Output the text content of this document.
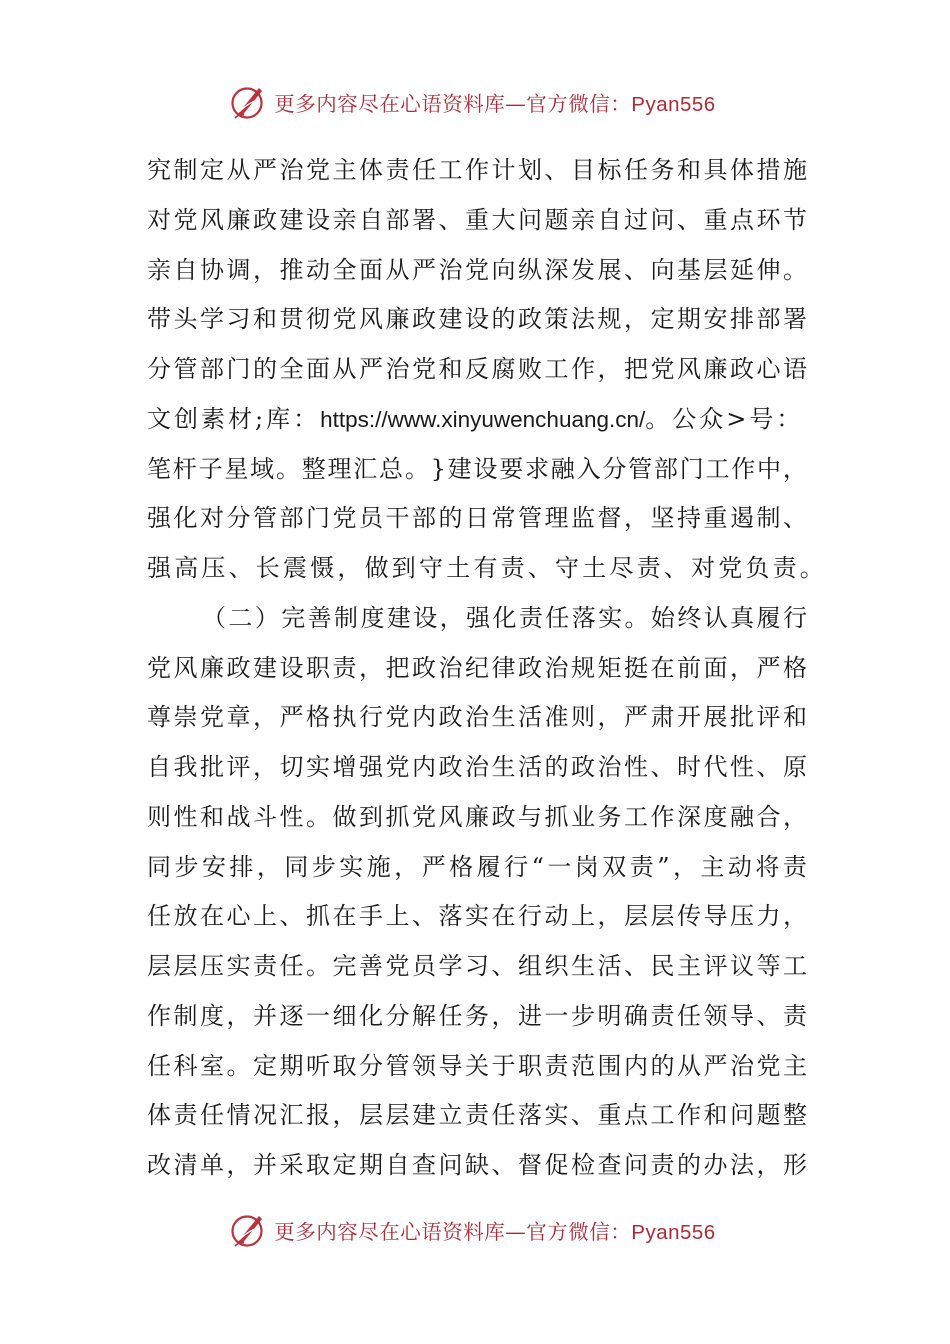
更多内容尽在心语资料库—官方微信：Pyan556
究 制 定 从 严 治 党 主 体 责 任 工 作 计 划 、 目 标 任 务 和 具 体 措 施
对 党 风 廉 政 建 设 亲 自 部 署 、 重 大 问 题 亲 自 过 问 、 重 点 环 节
亲 自 协 调 ， 推 动 全 面 从 严 治 党 向 纵 深 发 展 、 向 基 层 延 伸 。
带 头 学 习 和 贯 彻 党 风 廉 政 建 设 的 政 策 法 规 ， 定 期 安 排 部 署
分 管 部 门 的 全 面 从 严 治 党 和 反 腐 败 工 作 ， 把 党 风 廉 政 心 语
文创素材;库： https://www.xinyuwenchuang.cn/ 。公众>号：
笔 杆 子 星 域 。 整 理 汇 总 。 } 建 设 要 求 融 入 分 管 部 门 工 作 中 ，
强 化 对 分 管 部 门 党 员 干 部 的 日 常 管 理 监 督 ， 坚 持 重 遏 制 、
强高压、长震慑，做到守土有责、守土尽责、对党负责。
（ 二 ） 完 善 制 度 建 设 ， 强 化 责 任 落 实 。 始 终 认 真 履 行
党 风 廉 政 建 设 职 责 ， 把 政 治 纪 律 政 治 规 矩 挺 在 前 面 ， 严 格
尊 崇 党 章 ， 严 格 执 行 党 内 政 治 生 活 准 则 ， 严 肃 开 展 批 评 和
自 我 批 评 ， 切 实 增 强 党 内 政 治 生 活 的 政 治 性 、 时 代 性 、 原
则 性 和 战 斗 性 。 做 到 抓 党 风 廉 政 与 抓 业 务 工 作 深 度 融 合 ，
同 步 安 排 ， 同 步 实 施 ， 严 格 履 行 “ 一 岗 双 责 ” ， 主 动 将 责
任 放 在 心 上 、 抓 在 手 上 、 落 实 在 行 动 上 ， 层 层 传 导 压 力 ，
层 层 压 实 责 任 。 完 善 党 员 学 习 、 组 织 生 活 、 民 主 评 议 等 工
作 制 度 ， 并 逐 一 细 化 分 解 任 务 ， 进 一 步 明 确 责 任 领 导 、 责
任 科 室 。 定 期 听 取 分 管 领 导 关 于 职 责 范 围 内 的 从 严 治 党 主
体 责 任 情 况 汇 报 ， 层 层 建 立 责 任 落 实 、 重 点 工 作 和 问 题 整
改 清 单 ， 并 采 取 定 期 自 查 问 缺 、 督 促 检 查 问 责 的 办 法 ， 形
更多内容尽在心语资料库—官方微信：Pyan556
